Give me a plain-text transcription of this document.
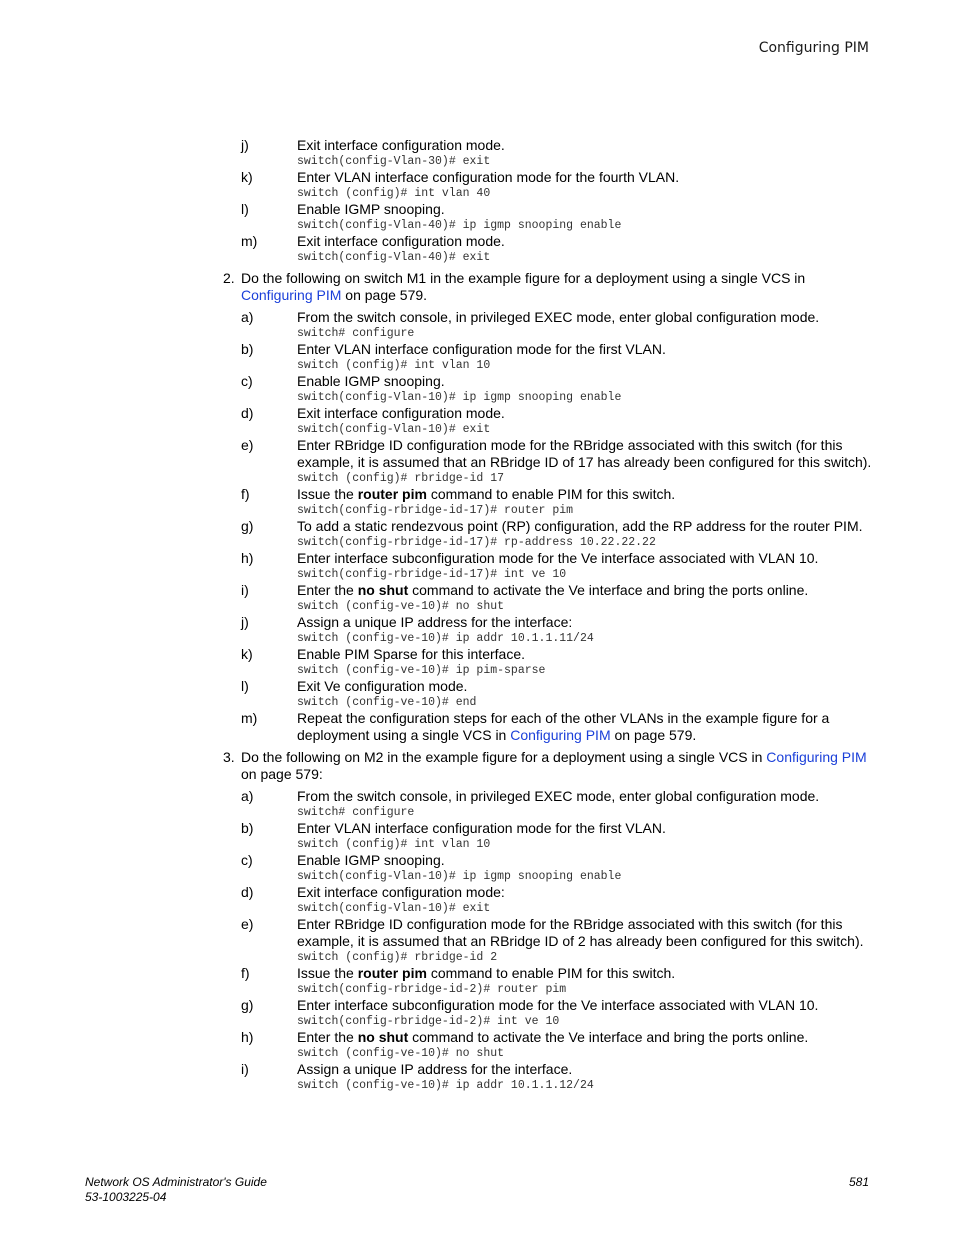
Configuring PIM
j)	Exit interface configuration mode.
switch(config-Vlan-30)# exit
k)	Enter VLAN interface configuration mode for the fourth VLAN.
switch (config)# int vlan 40
l)	Enable IGMP snooping.
switch(config-Vlan-40)# ip igmp snooping enable
m)	Exit interface configuration mode.
switch(config-Vlan-40)# exit
2. Do the following on switch M1 in the example figure for a deployment using a single VCS in Configuring PIM on page 579.
a)	From the switch console, in privileged EXEC mode, enter global configuration mode.
switch# configure
b)	Enter VLAN interface configuration mode for the first VLAN.
switch (config)# int vlan 10
c)	Enable IGMP snooping.
switch(config-Vlan-10)# ip igmp snooping enable
d)	Exit interface configuration mode.
switch(config-Vlan-10)# exit
e)	Enter RBridge ID configuration mode for the RBridge associated with this switch (for this example, it is assumed that an RBridge ID of 17 has already been configured for this switch).
switch (config)# rbridge-id 17
f)	Issue the router pim command to enable PIM for this switch.
switch(config-rbridge-id-17)# router pim
g)	To add a static rendezvous point (RP) configuration, add the RP address for the router PIM.
switch(config-rbridge-id-17)# rp-address 10.22.22.22
h)	Enter interface subconfiguration mode for the Ve interface associated with VLAN 10.
switch(config-rbridge-id-17)# int ve 10
i)	Enter the no shut command to activate the Ve interface and bring the ports online.
switch (config-ve-10)# no shut
j)	Assign a unique IP address for the interface:
switch (config-ve-10)# ip addr 10.1.1.11/24
k)	Enable PIM Sparse for this interface.
switch (config-ve-10)# ip pim-sparse
l)	Exit Ve configuration mode.
switch (config-ve-10)# end
m)	Repeat the configuration steps for each of the other VLANs in the example figure for a deployment using a single VCS in Configuring PIM on page 579.
3. Do the following on M2 in the example figure for a deployment using a single VCS in Configuring PIM on page 579:
a)	From the switch console, in privileged EXEC mode, enter global configuration mode.
switch# configure
b)	Enter VLAN interface configuration mode for the first VLAN.
switch (config)# int vlan 10
c)	Enable IGMP snooping.
switch(config-Vlan-10)# ip igmp snooping enable
d)	Exit interface configuration mode:
switch(config-Vlan-10)# exit
e)	Enter RBridge ID configuration mode for the RBridge associated with this switch (for this example, it is assumed that an RBridge ID of 2 has already been configured for this switch).
switch (config)# rbridge-id 2
f)	Issue the router pim command to enable PIM for this switch.
switch(config-rbridge-id-2)# router pim
g)	Enter interface subconfiguration mode for the Ve interface associated with VLAN 10.
switch(config-rbridge-id-2)# int ve 10
h)	Enter the no shut command to activate the Ve interface and bring the ports online.
switch (config-ve-10)# no shut
i)	Assign a unique IP address for the interface.
switch (config-ve-10)# ip addr 10.1.1.12/24
Network OS Administrator's Guide
53-1003225-04
581
